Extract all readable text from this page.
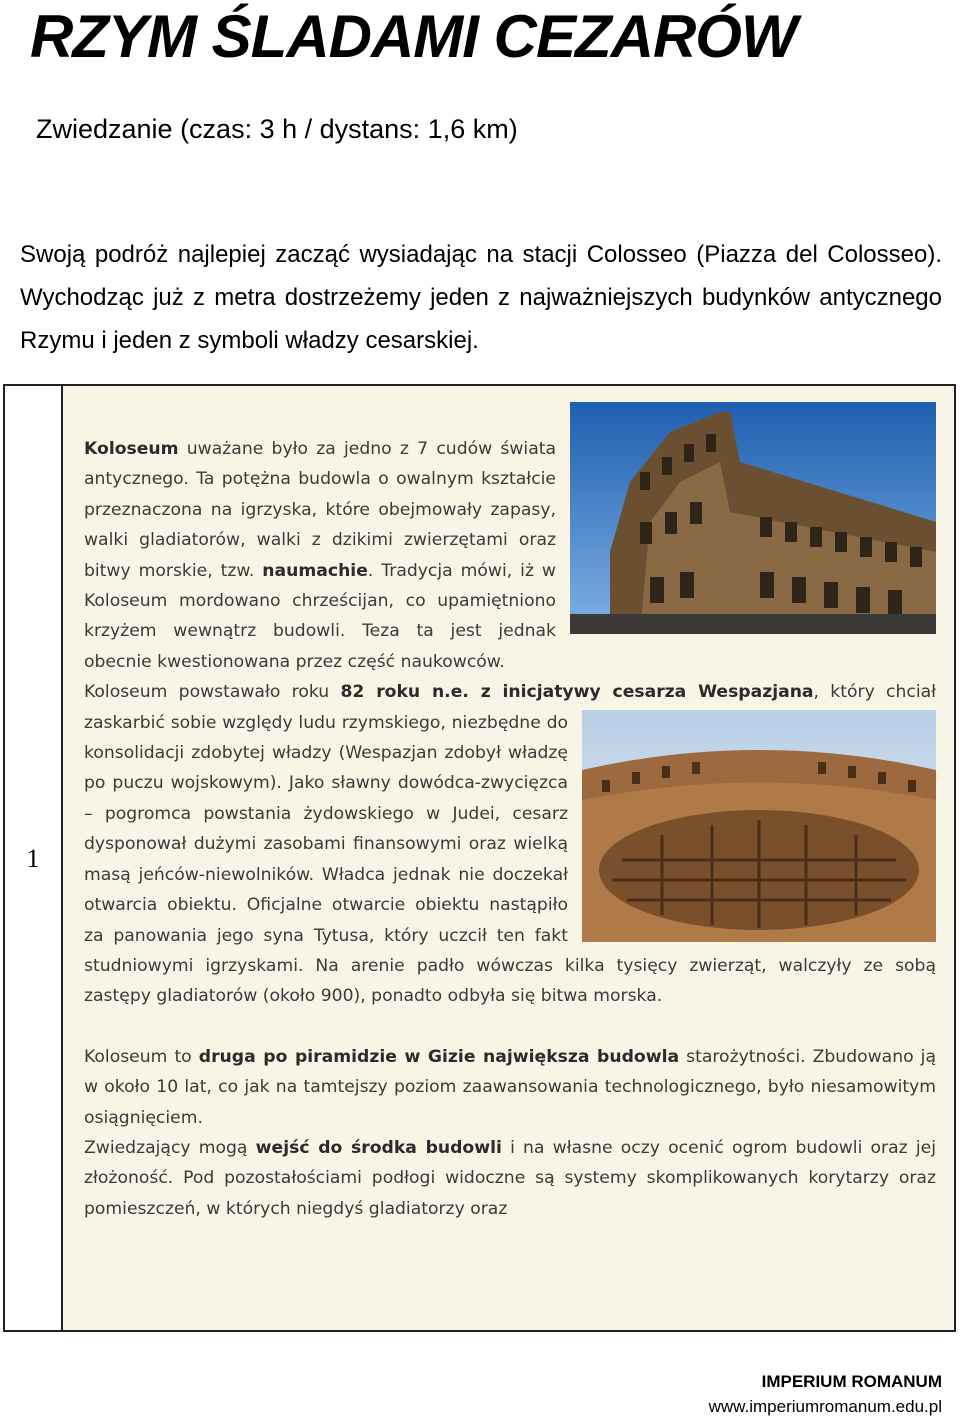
RZYM ŚLADAMI CEZARÓW
Zwiedzanie (czas: 3 h / dystans: 1,6 km)
Swoją podróż najlepiej zacząć wysiadając na stacji Colosseo (Piazza del Colosseo). Wychodząc już z metra dostrzeżemy jeden z najważniejszych budynków antycznego Rzymu i jeden z symboli władzy cesarskiej.
1

Koloseum uważane było za jedno z 7 cudów świata antycznego. Ta potężna budowla o owalnym kształcie przeznaczona na igrzyska, które obejmowały zapasy, walki gladiatorów, walki z dzikimi zwierzętami oraz bitwy morskie, tzw. naumachie. Tradycja mówi, iż w Koloseum mordowano chrześcijan, co upamiętniono krzyżem wewnątrz budowli. Teza ta jest jednak obecnie kwestionowana przez część naukowców.

Koloseum powstawało roku 82 roku n.e. z inicjatywy cesarza Wespazjana
, który chciał zaskarbić sobie względy ludu rzymskiego, niezbędne do konsolidacji zdobytej władzy (Wespazjan zdobył władzę po puczu wojskowym). Jako sławny dowódca-zwycięzca – pogromca powstania żydowskiego w Judei, cesarz dysponował dużymi zasobami finansowymi oraz wielką masą jeńców-niewolników. Władca jednak nie doczekał otwarcia obiektu. Oficjalne otwarcie obiektu nastąpiło za panowania jego syna Tytusa, który uczcił ten fakt studniowymi igrzyskami. Na arenie padło wówczas kilka tysięcy zwierząt, walczyły ze sobą zastępy gladiatorów (około 900), ponadto odbyła się bitwa morska.

Koloseum to druga po piramidzie w Gizie największa budowla starożytności. Zbudowano ją w około 10 lat, co jak na tamtejszy poziom zaawansowania technologicznego, było niesamowitym osiągnięciem.

Zwiedzający mogą wejść do środka budowli i na własne oczy ocenić ogrom budowli oraz jej złożoność. Pod pozostałościami podłogi widoczne są systemy skomplikowanych korytarzy oraz pomieszczeń, w których niegdyś gladiatorzy oraz

IMPERIUM ROMANUM
www.imperiumromanum.edu.pl
